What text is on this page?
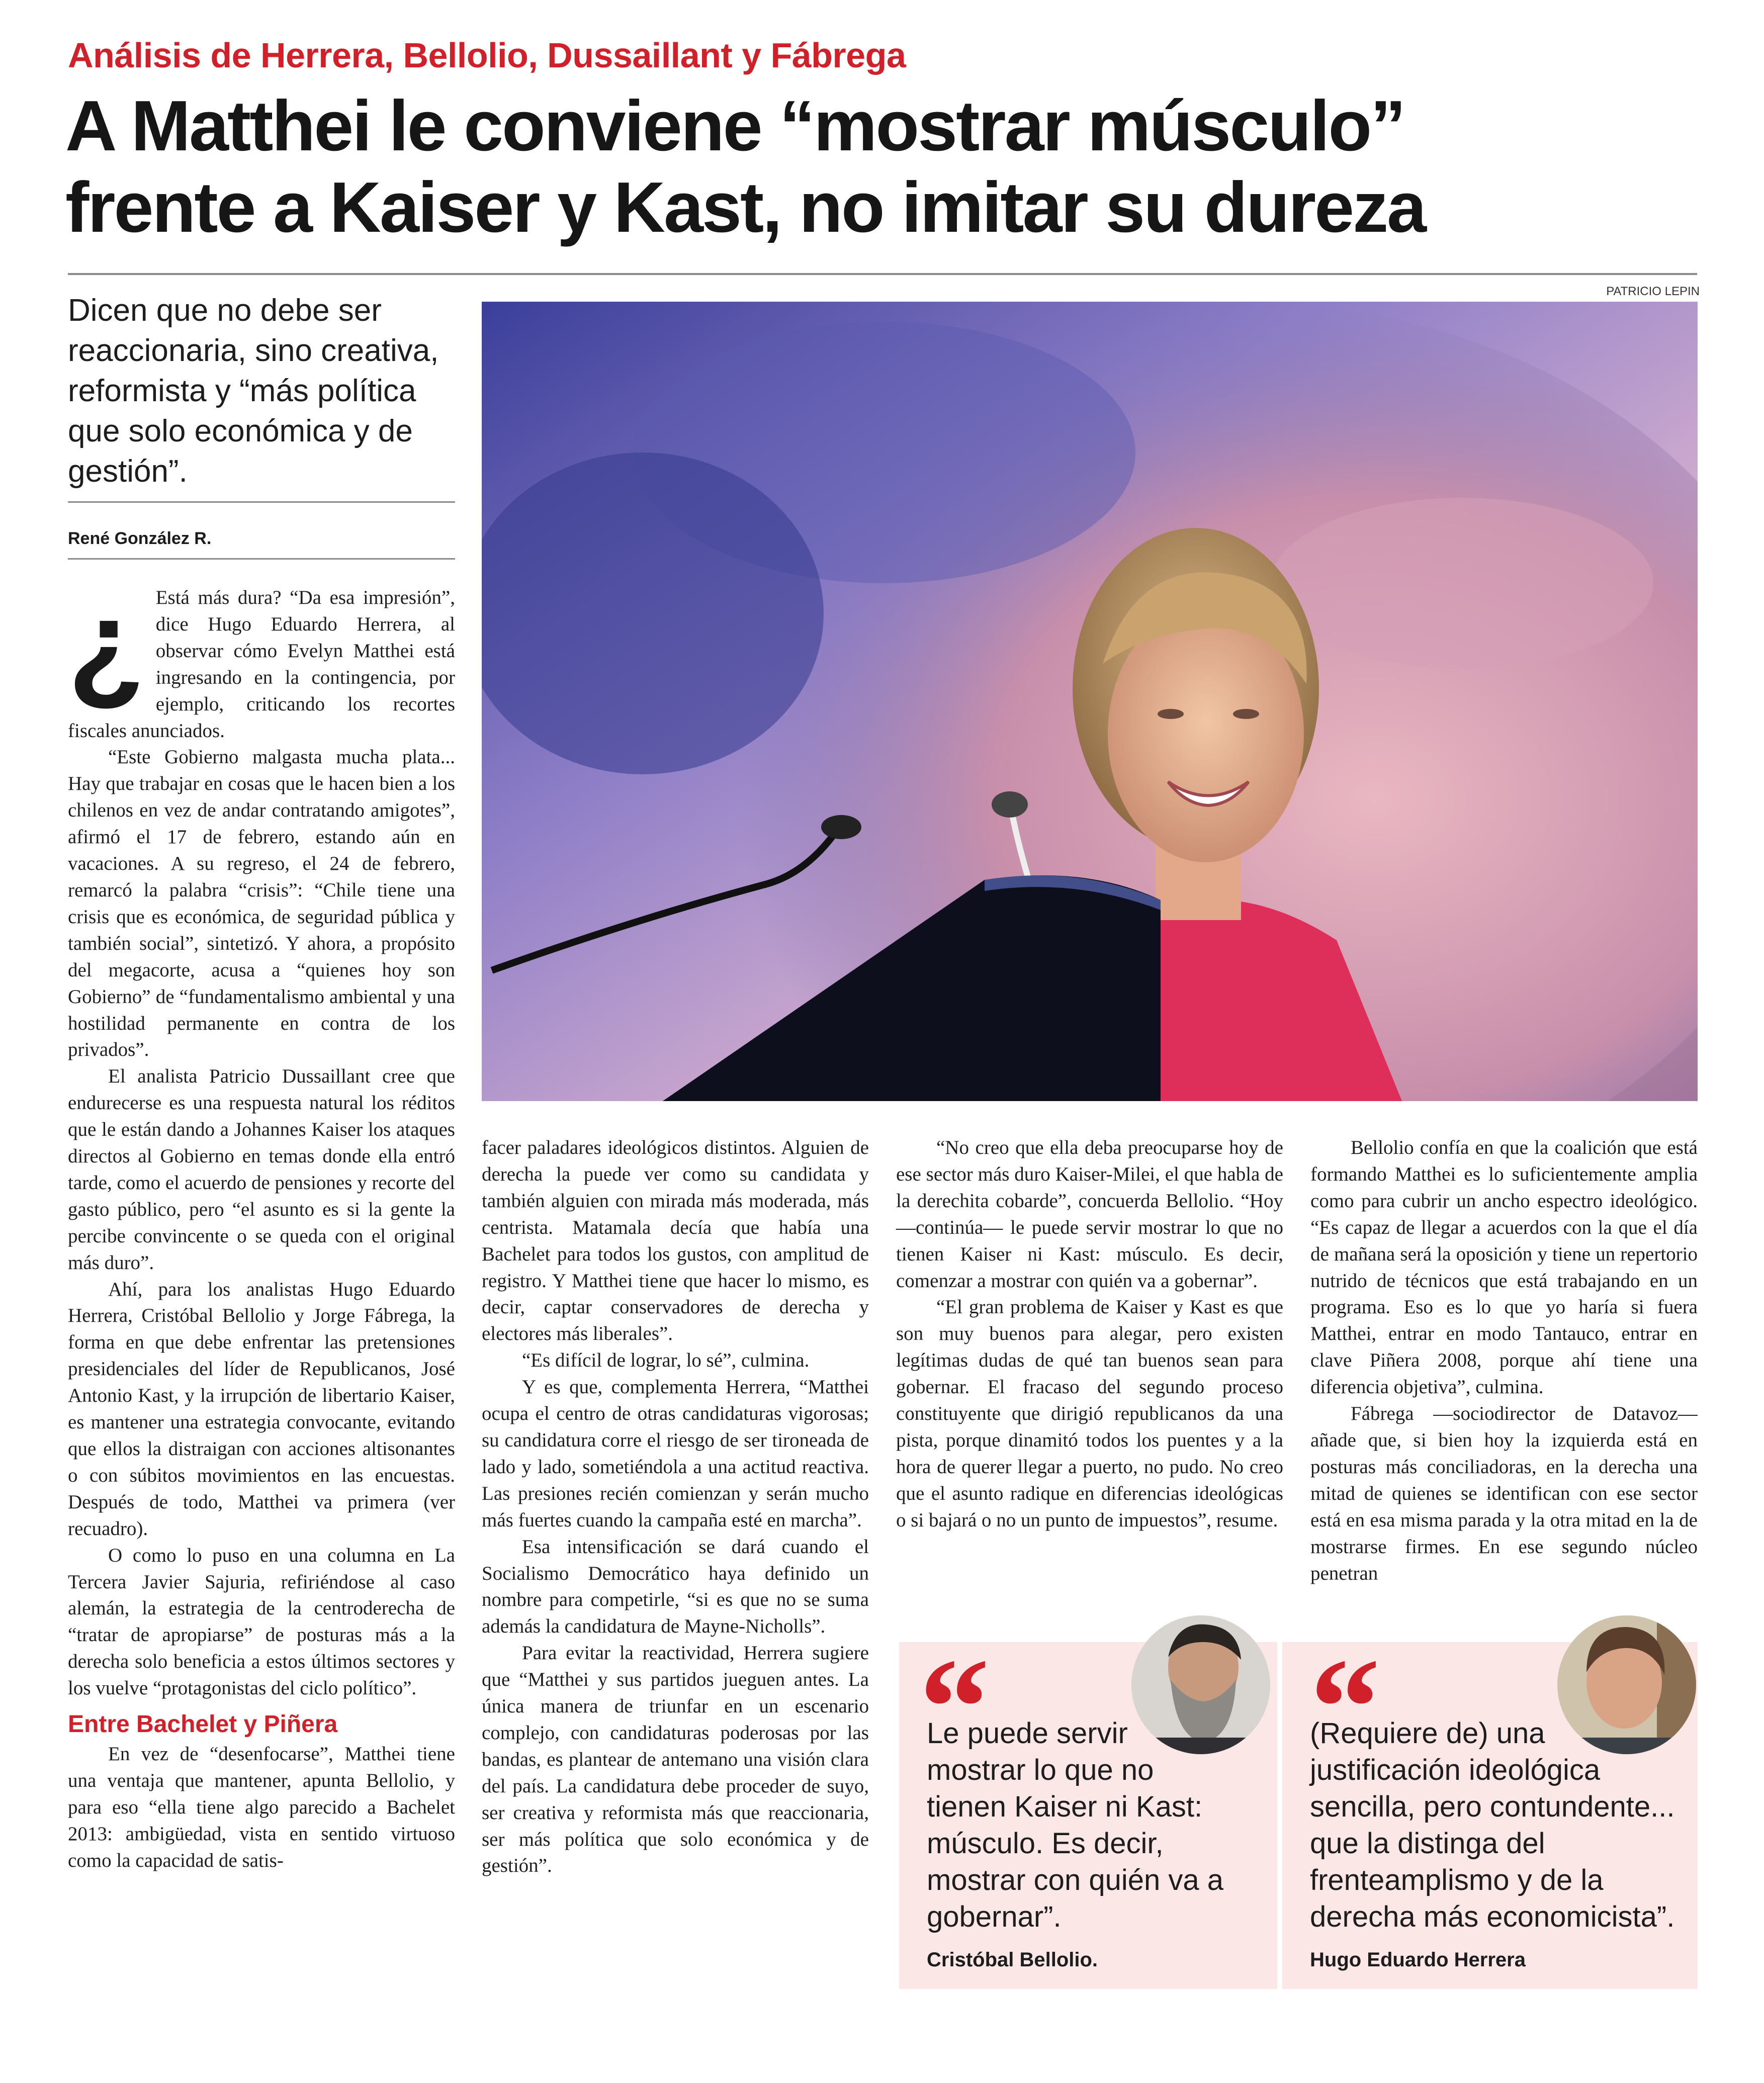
Análisis de Herrera, Bellolio, Dussaillant y Fábrega
A Matthei le conviene “mostrar músculo”
frente a Kaiser y Kast, no imitar su dureza
PATRICIO LEPIN
Dicen que no debe ser reaccionaria, sino creativa, reformista y “más política que solo económica y de gestión”.
René González R.
¿ Está más dura? “Da esa impresión”, dice Hugo Eduardo Herrera, al observar cómo Evelyn Matthei está ingresando en la contingencia, por ejemplo, criticando los recortes fiscales anunciados.

“Este Gobierno malgasta mucha plata... Hay que trabajar en cosas que le hacen bien a los chilenos en vez de andar contratando amigotes”, afirmó el 17 de febrero, estando aún en vacaciones. A su regreso, el 24 de febrero, remarcó la palabra “crisis”: “Chile tiene una crisis que es económica, de seguridad pública y también social”, sintetizó. Y ahora, a propósito del megacorte, acusa a “quienes hoy son Gobierno” de “fundamentalismo ambiental y una hostilidad permanente en contra de los privados”.

El analista Patricio Dussaillant cree que endurecerse es una respuesta natural los réditos que le están dando a Johannes Kaiser los ataques directos al Gobierno en temas donde ella entró tarde, como el acuerdo de pensiones y recorte del gasto público, pero “el asunto es si la gente la percibe convincente o se queda con el original más duro”.

Ahí, para los analistas Hugo Eduardo Herrera, Cristóbal Bellolio y Jorge Fábrega, la forma en que debe enfrentar las pretensiones presidenciales del líder de Republicanos, José Antonio Kast, y la irrupción de libertario Kaiser, es mantener una estrategia convocante, evitando que ellos la distraigan con acciones altisonantes o con súbitos movimientos en las encuestas. Después de todo, Matthei va primera (ver recuadro).

O como lo puso en una columna en La Tercera Javier Sajuria, refiriéndose al caso alemán, la estrategia de la centroderecha de “tratar de apropiarse” de posturas más a la derecha solo beneficia a estos últimos sectores y los vuelve “protagonistas del ciclo político”.

Entre Bachelet y Piñera

En vez de “desenfocarse”, Matthei tiene una ventaja que mantener, apunta Bellolio, y para eso “ella tiene algo parecido a Bachelet 2013: ambigüedad, vista en sentido virtuoso como la capacidad de satis-

facer paladares ideológicos distintos. Alguien de derecha la puede ver como su candidata y también alguien con mirada más moderada, más centrista. Matamala decía que había una Bachelet para todos los gustos, con amplitud de registro. Y Matthei tiene que hacer lo mismo, es decir, captar conservadores de derecha y electores más liberales”.

“Es difícil de lograr, lo sé”, culmina.

Y es que, complementa Herrera, “Matthei ocupa el centro de otras candidaturas vigorosas; su candidatura corre el riesgo de ser tironeada de lado y lado, sometiéndola a una actitud reactiva. Las presiones recién comienzan y serán mucho más fuertes cuando la campaña esté en marcha”.

Esa intensificación se dará cuando el Socialismo Democrático haya definido un nombre para competirle, “si es que no se suma además la candidatura de Mayne-Nicholls”.

Para evitar la reactividad, Herrera sugiere que “Matthei y sus partidos jueguen antes. La única manera de triunfar en un escenario complejo, con candidaturas poderosas por las bandas, es plantear de antemano una visión clara del país. La candidatura debe proceder de suyo, ser creativa y reformista más que reaccionaria, ser más política que solo económica y de gestión”.

“No creo que ella deba preocuparse hoy de ese sector más duro Kaiser-Milei, el que habla de la derechita cobarde”, concuerda Bellolio. “Hoy —continúa— le puede servir mostrar lo que no tienen Kaiser ni Kast: músculo. Es decir, comenzar a mostrar con quién va a gobernar”.

“El gran problema de Kaiser y Kast es que son muy buenos para alegar, pero existen legítimas dudas de qué tan buenos sean para gobernar. El fracaso del segundo proceso constituyente que dirigió republicanos da una pista, porque dinamitó todos los puentes y a la hora de querer llegar a puerto, no pudo. No creo que el asunto radique en diferencias ideológicas o si bajará o no un punto de impuestos”, resume.

Bellolio confía en que la coalición que está formando Matthei es lo suficientemente amplia como para cubrir un ancho espectro ideológico. “Es capaz de llegar a acuerdos con la que el día de mañana será la oposición y tiene un repertorio nutrido de técnicos que está trabajando en un programa. Eso es lo que yo haría si fuera Matthei, entrar en modo Tantauco, entrar en clave Piñera 2008, porque ahí tiene una diferencia objetiva”, culmina.

Fábrega —sociodirector de Datavoz— añade que, si bien hoy la izquierda está en posturas más conciliadoras, en la derecha una mitad de quienes se identifican con ese sector está en esa misma parada y la otra mitad en la de mostrarse firmes. En ese segundo núcleo penetran

“
Le puede servir mostrar lo que no tienen Kaiser ni Kast: músculo. Es decir, mostrar con quién va a gobernar”.
Cristóbal Bellolio.
“
(Requiere de) una justificación ideológica sencilla, pero contundente... que la distinga del frenteamplismo y de la derecha más economicista”.
Hugo Eduardo Herrera
